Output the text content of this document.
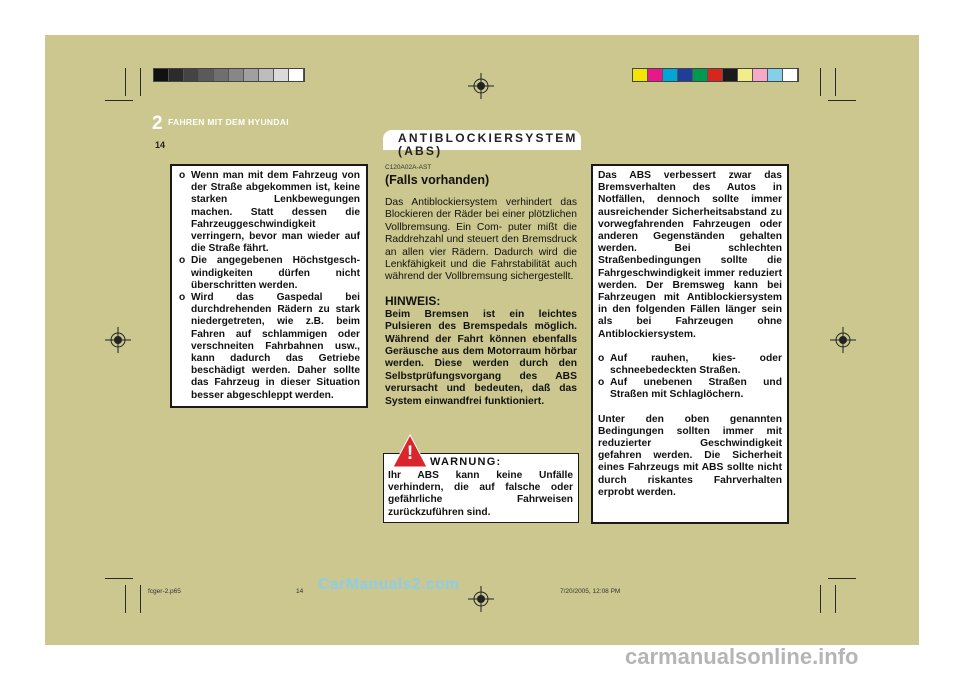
2 FAHREN MIT DEM HYUNDAI
14	ANTIBLOCKIERSYSTEM (ABS)
o Wenn man mit dem Fahrzeug von der Straße abgekommen ist, keine starken Lenkbewegungen machen. Statt dessen die Fahrzeuggeschwindigkeit verringern, bevor man wieder auf die Straße fährt.
o Die angegebenen Höchstgesch- windigkeiten dürfen nicht überschritten werden.
o Wird das Gaspedal bei durchdrehenden Rädern zu stark niedergetreten, wie z.B. beim Fahren auf schlammigen oder verschneiten Fahrbahnen usw., kann dadurch das Getriebe beschädigt werden. Daher sollte das Fahrzeug in dieser Situation besser abgeschleppt werden.
C120A02A-AST
(Falls vorhanden)
Das Antiblockiersystem verhindert das Blockieren der Räder bei einer plötzlichen Vollbremsung. Ein Com- puter mißt die Raddrehzahl und steuert den Bremsdruck an allen vier Rädern. Dadurch wird die Lenkfähigkeit und die Fahrstabilität auch während der Vollbremsung sichergestellt.
HINWEIS:
Beim Bremsen ist ein leichtes Pulsieren des Bremspedals möglich. Während der Fahrt können ebenfalls Geräusche aus dem Motorraum hörbar werden. Diese werden durch den Selbstprüfungsvorgang des ABS verursacht und bedeuten, daß das System einwandfrei funktioniert.
Ihr ABS kann keine Unfälle verhindern, die auf falsche oder gefährliche Fahrweisen zurückzuführen sind.
! WARNUNG:
Das ABS verbessert zwar das Bremsverhalten des Autos in Notfällen, dennoch sollte immer ausreichender Sicherheitsabstand zu vorwegfahrenden Fahrzeugen oder anderen Gegenständen gehalten werden. Bei schlechten Straßenbedingungen sollte die Fahrgeschwindigkeit immer reduziert werden. Der Bremsweg kann bei Fahrzeugen mit Antiblockiersystem in den folgenden Fällen länger sein als bei Fahrzeugen ohne Antiblockiersystem.
o Auf rauhen, kies- oder schneebedeckten Straßen.
o Auf unebenen Straßen und Straßen mit Schlaglöchern.
Unter den oben genannten Bedingungen sollten immer mit reduzierter Geschwindigkeit gefahren werden. Die Sicherheit eines Fahrzeugs mit ABS sollte nicht durch riskantes Fahrverhalten erprobt werden.
fcger-2.p65	14	7/20/2005, 12:08 PM
CarManuals2.com
carmanualsonline.info
